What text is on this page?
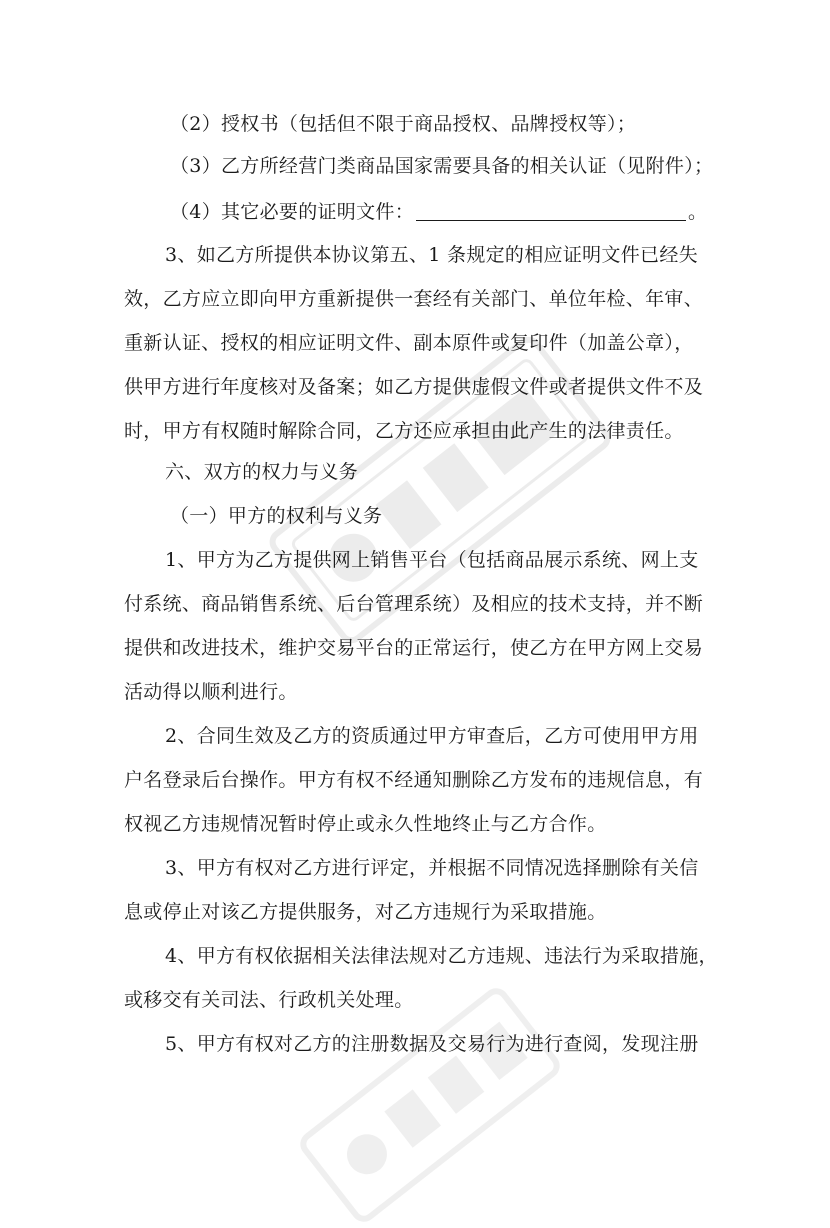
（2）授权书（包括但不限于商品授权、品牌授权等）；
（3）乙方所经营门类商品国家需要具备的相关认证（见附件）；
（4）其它必要的证明文件：	。
3、如乙方所提供本协议第五、1 条规定的相应证明文件已经失
效，乙方应立即向甲方重新提供一套经有关部门、单位年检、年审、
重新认证、授权的相应证明文件、副本原件或复印件（加盖公章），
供甲方进行年度核对及备案；如乙方提供虚假文件或者提供文件不及
时，甲方有权随时解除合同，乙方还应承担由此产生的法律责任。
六、双方的权力与义务
（一）甲方的权利与义务
1、甲方为乙方提供网上销售平台（包括商品展示系统、网上支
付系统、商品销售系统、后台管理系统）及相应的技术支持，并不断
提供和改进技术，维护交易平台的正常运行，使乙方在甲方网上交易
活动得以顺利进行。
2、合同生效及乙方的资质通过甲方审查后，乙方可使用甲方用
户名登录后台操作。甲方有权不经通知删除乙方发布的违规信息，有
权视乙方违规情况暂时停止或永久性地终止与乙方合作。
3、甲方有权对乙方进行评定，并根据不同情况选择删除有关信
息或停止对该乙方提供服务，对乙方违规行为采取措施。
4、甲方有权依据相关法律法规对乙方违规、违法行为采取措施，
或移交有关司法、行政机关处理。
5、甲方有权对乙方的注册数据及交易行为进行查阅，发现注册
